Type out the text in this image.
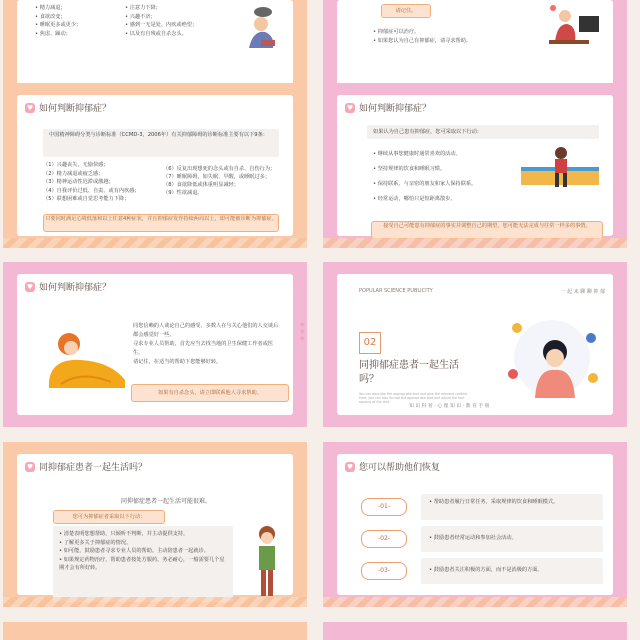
• 精力减退；
• 食欲改变；
• 睡眠更多或更少；
• 焦虑、躁动；
• 注意力下降；
• 兴趣不济；
• 感到一无是处、内疚或绝望；
• 以及有自残或自杀念头。
请记住。
• 抑郁症可以治疗。
• 如果您认为自己有抑郁症，请寻求帮助。
♥ 如何判断抑郁症？
中国精神障碍分类与诊断标准（CCMD-3，2006年）有关抑郁障碍的诊断标准主要有以下9条：
（1）兴趣丧失、无愉快感；
（2）精力减退或疲乏感；
（3）精神运动性迟滞或激越；
（4）自我评价过低、自责、或有内疚感；
（5）联想困难或自觉思考能力下降；
（6）反复出现想死的念头或有自杀、自伤行为；
（7）睡眠障碍，如失眠、早醒，或睡眠过多；
（8）食欲降低或体重明显减轻；
（9）性欲减退。
只要同时满足心境低落和以上任意4种症状，并且抑郁症发作持续两周以上，即可能被诊断为抑郁症。
♥ 如何判断抑郁症？
如果认为自己患有抑郁症，您可采取以下行动：
• 继续从事您健康时通常喜欢的活动。
• 坚持规律的饮食和睡眠习惯。
• 保持联系，与亲密的朋友和家人保持联系。
• 经常运动，哪怕只是短距离散步。
接受自己可能患有抑郁症的事实并调整自己的期望，您可能无法完成与往常一样多的事情。
♥ 如何判断抑郁症？
同您信赖的人谈论自己的感受，多数人在与关心他们的人交谈后都会感觉好一些。
寻求专业人员帮助，首先应当去找当地的卫生保健工作者或医生。
请记住，在适当的帮助下您能够好转。
如果有自杀念头，请立即联系他人寻求帮助。
♥
♥
♥
POPULAR SCIENCE PUBLICITY	一 起 来 聊 聊 抑 郁
02
同抑郁症患者一起生活吗？
You can describe the appropriate text and give the relevant content here, you can also format the appropriate text and adjust the font spacing of the text.
知 识 科 普 · 心 理 知 识 · 教 育 手 册
♥ 同抑郁症患者一起生活吗？
同抑郁症患者一起生活可能很难。
您可为抑郁症者采取以下行动：
• 清楚表明您想帮助，只倾听不判断，并主动提供支持。
• 了解更多关于抑郁症的情况。
• 如可能，鼓励患者寻求专业人员的帮助。主动陪患者一起就诊。
• 如果规定药物治疗，帮助患者按处方服药。务必耐心，一般需要几个星期才会有所好转。
♥ 您可以帮助他们恢复
-01-
• 帮助患者履行日常任务，采取规律的饮食和睡眠模式。
-02-	• 鼓励患者经常运动和参加社会活动。
-03-	• 鼓励患者关注积极的方面，而不是消极的方面。
